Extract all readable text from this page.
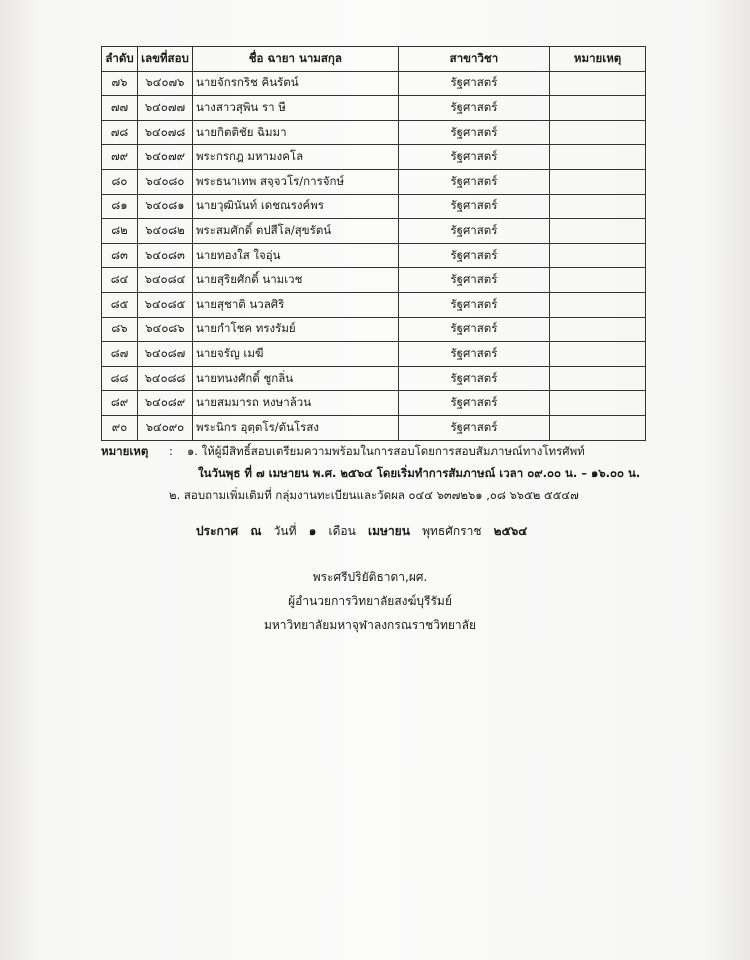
ลำดับ	เลขที่สอบ	ชื่อ ฉายา นามสกุล	สาขาวิชา	หมายเหตุ
๗๖	๖๔๐๗๖	นายจักรกริช คินรัตน์	รัฐศาสตร์	
๗๗	๖๔๐๗๗	นางสาวสุพิน รา ษี	รัฐศาสตร์	
๗๘	๖๔๐๗๘	นายกิตติชัย ฉิมมา	รัฐศาสตร์	
๗๙	๖๔๐๗๙	พระกรกฎ มหามงคโล	รัฐศาสตร์	
๘๐	๖๔๐๘๐	พระธนาเทพ สจฺจวโร/การจักษ์	รัฐศาสตร์	
๘๑	๖๔๐๘๑	นายวุฒินันท์ เดชณรงค์พร	รัฐศาสตร์	
๘๒	๖๔๐๘๒	พระสมศักดิ์ ตปสีโล/สุขรัตน์	รัฐศาสตร์	
๘๓	๖๔๐๘๓	นายทองใส ใจอุ่น	รัฐศาสตร์	
๘๔	๖๔๐๘๔	นายสุริยศักดิ์ นามเวช	รัฐศาสตร์	
๘๕	๖๔๐๘๕	นายสุชาติ นวลศิริ	รัฐศาสตร์	
๘๖	๖๔๐๘๖	นายกำโชค ทรงรัมย์	รัฐศาสตร์	
๘๗	๖๔๐๘๗	นายจรัญ เมฆี	รัฐศาสตร์	
๘๘	๖๔๐๘๘	นายทนงศักดิ์ ชูกลิ่น	รัฐศาสตร์	
๘๙	๖๔๐๘๙	นายสมมารถ หงษาล้วน	รัฐศาสตร์	
๙๐	๖๔๐๙๐	พระนิกร อุตฺตโร/ตันโรสง	รัฐศาสตร์	
หมายเหตุ	:	๑. ให้ผู้มีสิทธิ์สอบเตรียมความพร้อมในการสอบโดยการสอบสัมภาษณ์ทางโทรศัพท์
ในวันพุธ ที่ ๗ เมษายน พ.ศ. ๒๕๖๔ โดยเริ่มทำการสัมภาษณ์ เวลา ๐๙.๐๐ น. – ๑๖.๐๐ น.
๒. สอบถามเพิ่มเติมที่ กลุ่มงานทะเบียนและวัดผล ๐๔๔ ๖๓๗๒๖๑ ,๐๘ ๖๖๕๒ ๕๕๔๗
ประกาศ ณ วันที่ ๑ เดือน เมษายน พุทธศักราช ๒๕๖๔
พระศรีปริยัติธาดา,ผศ.
ผู้อำนวยการวิทยาลัยสงฆ์บุรีรัมย์
มหาวิทยาลัยมหาจุฬาลงกรณราชวิทยาลัย
